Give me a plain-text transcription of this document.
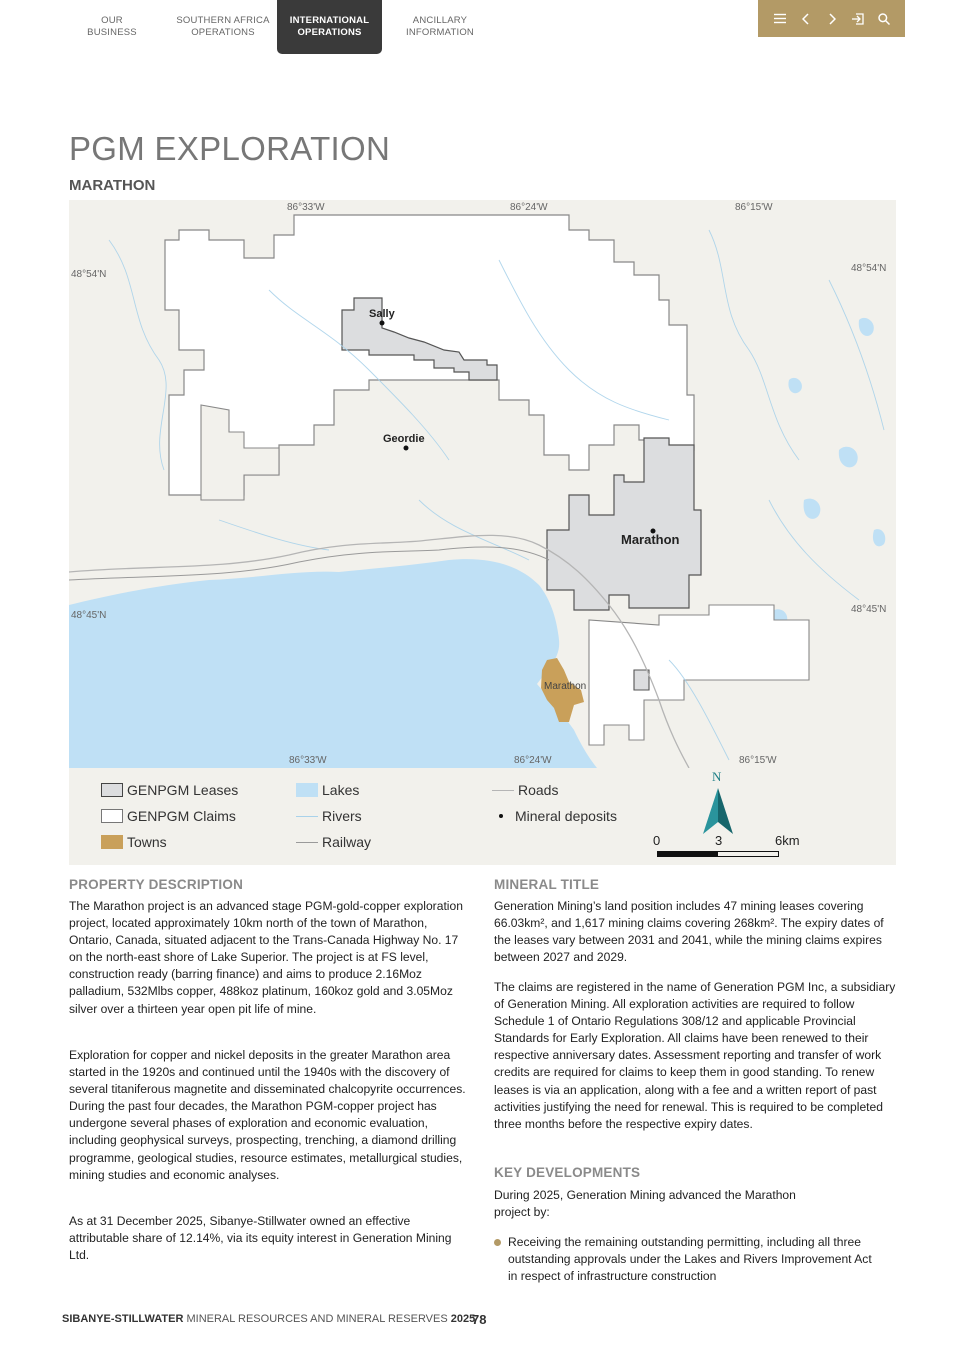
OUR
BUSINESS
SOUTHERN AFRICA
OPERATIONS
INTERNATIONAL
OPERATIONS
ANCILLARY
INFORMATION
PGM EXPLORATION
MARATHON
86°33'W	86°24'W	86°15'W
86°33'W	86°24'W	86°15'W
48°54'N
48°45'N
48°54'N
48°45'N
Sally
Geordie
Marathon
Marathon
GENPGM Leases
GENPGM Claims
Towns
Lakes
Rivers
Railway
Roads
Mineral deposits
N
0	3	6km
PROPERTY DESCRIPTION

The Marathon project is an advanced stage PGM-gold-copper exploration project, located approximately 10km north of the town of Marathon, Ontario, Canada, situated adjacent to the Trans-Canada Highway No. 17 on the north-east shore of Lake Superior. The project is at FS level, construction ready (barring finance) and aims to produce 2.16Moz palladium, 532Mlbs copper, 488koz platinum, 160koz gold and 3.05Moz silver over a thirteen year open pit life of mine.

Exploration for copper and nickel deposits in the greater Marathon area started in the 1920s and continued until the 1940s with the discovery of several titaniferous magnetite and disseminated chalcopyrite occurrences. During the past four decades, the Marathon PGM-copper project has undergone several phases of exploration and economic evaluation, including geophysical surveys, prospecting, trenching, a diamond drilling programme, geological studies, resource estimates, metallurgical studies, mining studies and economic analyses.

As at 31 December 2025, Sibanye-Stillwater owned an effective attributable share of 12.14%, via its equity interest in Generation Mining Ltd.

MINERAL TITLE

Generation Mining’s land position includes 47 mining leases covering 66.03km², and 1,617 mining claims covering 268km². The expiry dates of the leases vary between 2031 and 2041, while the mining claims expires between 2027 and 2029.

The claims are registered in the name of Generation PGM Inc, a subsidiary of Generation Mining. All exploration activities are required to follow Schedule 1 of Ontario Regulations 308/12 and applicable Provincial Standards for Early Exploration. All claims have been renewed to their respective anniversary dates. Assessment reporting and transfer of work credits are required for claims to keep them in good standing. To renew leases is via an application, along with a fee and a written report of past activities justifying the need for renewal. This is required to be completed three months before the respective expiry dates.

KEY DEVELOPMENTS

During 2025, Generation Mining advanced the Marathon project by:

Receiving the remaining outstanding permitting, including all three outstanding approvals under the Lakes and Rivers Improvement Act in respect of infrastructure construction
SIBANYE-STILLWATER MINERAL RESOURCES AND MINERAL RESERVES 2025
78
